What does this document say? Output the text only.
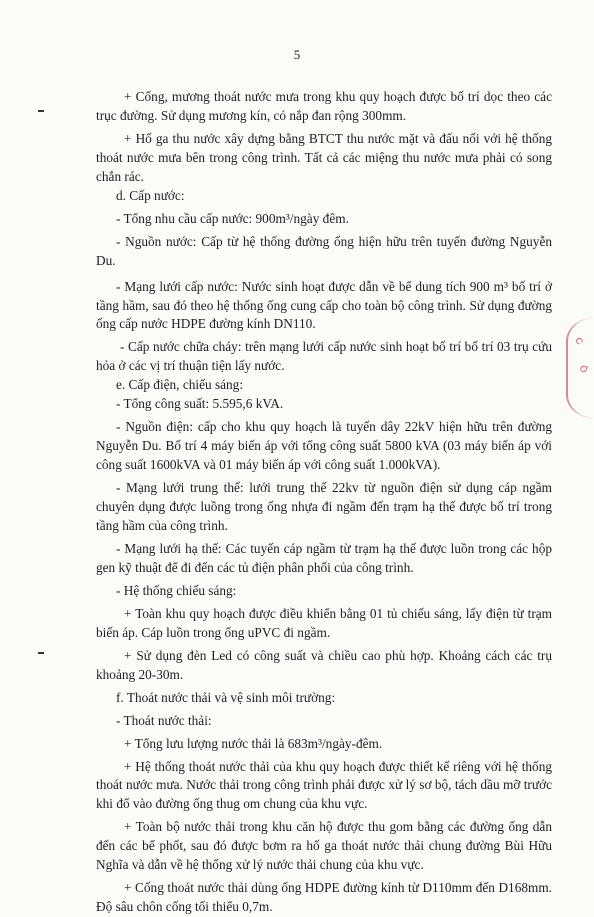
5
C
Ô

+ Cống, mương thoát nước mưa trong khu quy hoạch được bố trí dọc theo các trục đường. Sử dụng mương kín, có nắp đan rộng 300mm.

+ Hố ga thu nước xây dựng bằng BTCT thu nước mặt và đấu nối với hệ thống thoát nước mưa bên trong công trình. Tất cả các miệng thu nước mưa phải có song chắn rác.

d. Cấp nước:

- Tổng nhu cầu cấp nước: 900m³/ngày đêm.

- Nguồn nước: Cấp từ hệ thống đường ống hiện hữu trên tuyến đường Nguyễn Du.

- Mạng lưới cấp nước: Nước sinh hoạt được dẫn về bể dung tích 900 m³ bố trí ở tầng hầm, sau đó theo hệ thống ống cung cấp cho toàn bộ công trình. Sử dụng đường ống cấp nước HDPE đường kính DN110.

- Cấp nước chữa cháy: trên mạng lưới cấp nước sinh hoạt bố trí bố trí 03 trụ cứu hỏa ở các vị trí thuận tiện lấy nước.

e. Cấp điện, chiếu sáng:

- Tổng công suất: 5.595,6 kVA.

- Nguồn điện: cấp cho khu quy hoạch là tuyến dây 22kV hiện hữu trên đường Nguyễn Du. Bố trí 4 máy biến áp với tổng công suất 5800 kVA (03 máy biến áp với công suất 1600kVA và 01 máy biến áp với công suất 1.000kVA).

- Mạng lưới trung thế: lưới trung thế 22kv từ nguồn điện sử dụng cáp ngầm chuyên dụng được luồng trong ống nhựa đi ngầm đến trạm hạ thế được bố trí trong tầng hầm của công trình.

- Mạng lưới hạ thế: Các tuyến cáp ngầm từ trạm hạ thế được luồn trong các hộp gen kỹ thuật để đi đến các tủ điện phân phối của công trình.

- Hệ thống chiếu sáng:

+ Toàn khu quy hoạch được điều khiển bằng 01 tủ chiếu sáng, lấy điện từ trạm biến áp. Cáp luồn trong ống uPVC đi ngầm.

+ Sử dụng đèn Led có công suất và chiều cao phù hợp. Khoảng cách các trụ khoảng 20-30m.

f. Thoát nước thải và vệ sinh môi trường:

- Thoát nước thải:

+ Tổng lưu lượng nước thải là 683m³/ngày-đêm.

+ Hệ thống thoát nước thải của khu quy hoạch được thiết kế riêng với hệ thống thoát nước mưa. Nước thải trong công trình phải được xử lý sơ bộ, tách dầu mỡ trước khi đổ vào đường ống thug om chung của khu vực.

+ Toàn bộ nước thải trong khu căn hộ được thu gom bằng các đường ống dẫn đến các bể phốt, sau đó được bơm ra hố ga thoát nước thải chung đường Bùi Hữu Nghĩa và dẫn về hệ thống xử lý nước thải chung của khu vực.

+ Cống thoát nước thải dùng ống HDPE đường kính từ D110mm đến D168mm. Độ sâu chôn cống tối thiểu 0,7m.
